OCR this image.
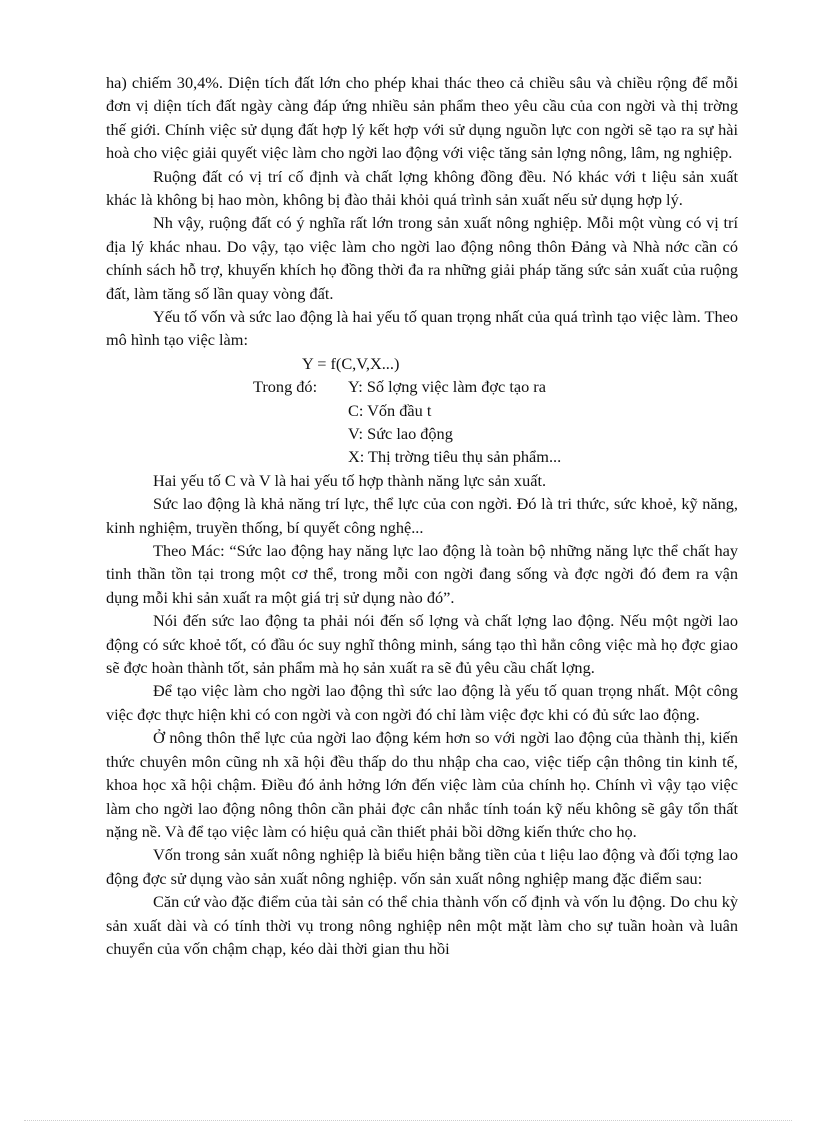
ha) chiếm 30,4%. Diện tích đất lớn cho phép khai thác theo cả chiều sâu và chiều rộng để mỗi đơn vị diện tích đất ngày càng đáp ứng nhiều sản phẩm theo yêu cầu của con ngời và thị trờng thế giới. Chính việc sử dụng đất hợp lý kết hợp với sử dụng nguồn lực con ngời sẽ tạo ra sự hài hoà cho việc giải quyết việc làm cho ngời lao động với việc tăng sản lợng nông, lâm, ng nghiệp.

Ruộng đất có vị trí cố định và chất lợng không đồng đều. Nó khác với t liệu sản xuất khác là không bị hao mòn, không bị đào thải khỏi quá trình sản xuất nếu sử dụng hợp lý.

Nh vậy, ruộng đất có ý nghĩa rất lớn trong sản xuất nông nghiệp. Mỗi một vùng có vị trí địa lý khác nhau. Do vậy, tạo việc làm cho ngời lao động nông thôn Đảng và Nhà nớc cần có chính sách hỗ trợ, khuyến khích họ đồng thời đa ra những giải pháp tăng sức sản xuất của ruộng đất, làm tăng số lần quay vòng đất.

Yếu tố vốn và sức lao động là hai yếu tố quan trọng nhất của quá trình tạo việc làm. Theo mô hình tạo việc làm:

Y = f(C,V,X...)
Trong đó: Y: Số lợng việc làm đợc tạo ra
C: Vốn đầu t
V: Sức lao động
X: Thị trờng tiêu thụ sản phẩm...

Hai yếu tố C và V là hai yếu tố hợp thành năng lực sản xuất.

Sức lao động là khả năng trí lực, thể lực của con ngời. Đó là tri thức, sức khoẻ, kỹ năng, kinh nghiệm, truyền thống, bí quyết công nghệ...

Theo Mác: “Sức lao động hay năng lực lao động là toàn bộ những năng lực thể chất hay tinh thần tồn tại trong một cơ thể, trong mỗi con ngời đang sống và đợc ngời đó đem ra vận dụng mỗi khi sản xuất ra một giá trị sử dụng nào đó”.

Nói đến sức lao động ta phải nói đến số lợng và chất lợng lao động. Nếu một ngời lao động có sức khoẻ tốt, có đầu óc suy nghĩ thông minh, sáng tạo thì hẳn công việc mà họ đợc giao sẽ đợc hoàn thành tốt, sản phẩm mà họ sản xuất ra sẽ đủ yêu cầu chất lợng.

Để tạo việc làm cho ngời lao động thì sức lao động là yếu tố quan trọng nhất. Một công việc đợc thực hiện khi có con ngời và con ngời đó chỉ làm việc đợc khi có đủ sức lao động.

Ở nông thôn thể lực của ngời lao động kém hơn so với ngời lao động của thành thị, kiến thức chuyên môn cũng nh xã hội đều thấp do thu nhập cha cao, việc tiếp cận thông tin kinh tế, khoa học xã hội chậm. Điều đó ảnh hởng lớn đến việc làm của chính họ. Chính vì vậy tạo việc làm cho ngời lao động nông thôn cần phải đợc cân nhắc tính toán kỹ nếu không sẽ gây tổn thất nặng nề. Và để tạo việc làm có hiệu quả cần thiết phải bồi dỡng kiến thức cho họ.

Vốn trong sản xuất nông nghiệp là biểu hiện bằng tiền của t liệu lao động và đối tợng lao động đợc sử dụng vào sản xuất nông nghiệp. vốn sản xuất nông nghiệp mang đặc điểm sau:

Căn cứ vào đặc điểm của tài sản có thể chia thành vốn cố định và vốn lu động. Do chu kỳ sản xuất dài và có tính thời vụ trong nông nghiệp nên một mặt làm cho sự tuần hoàn và luân chuyển của vốn chậm chạp, kéo dài thời gian thu hồi
